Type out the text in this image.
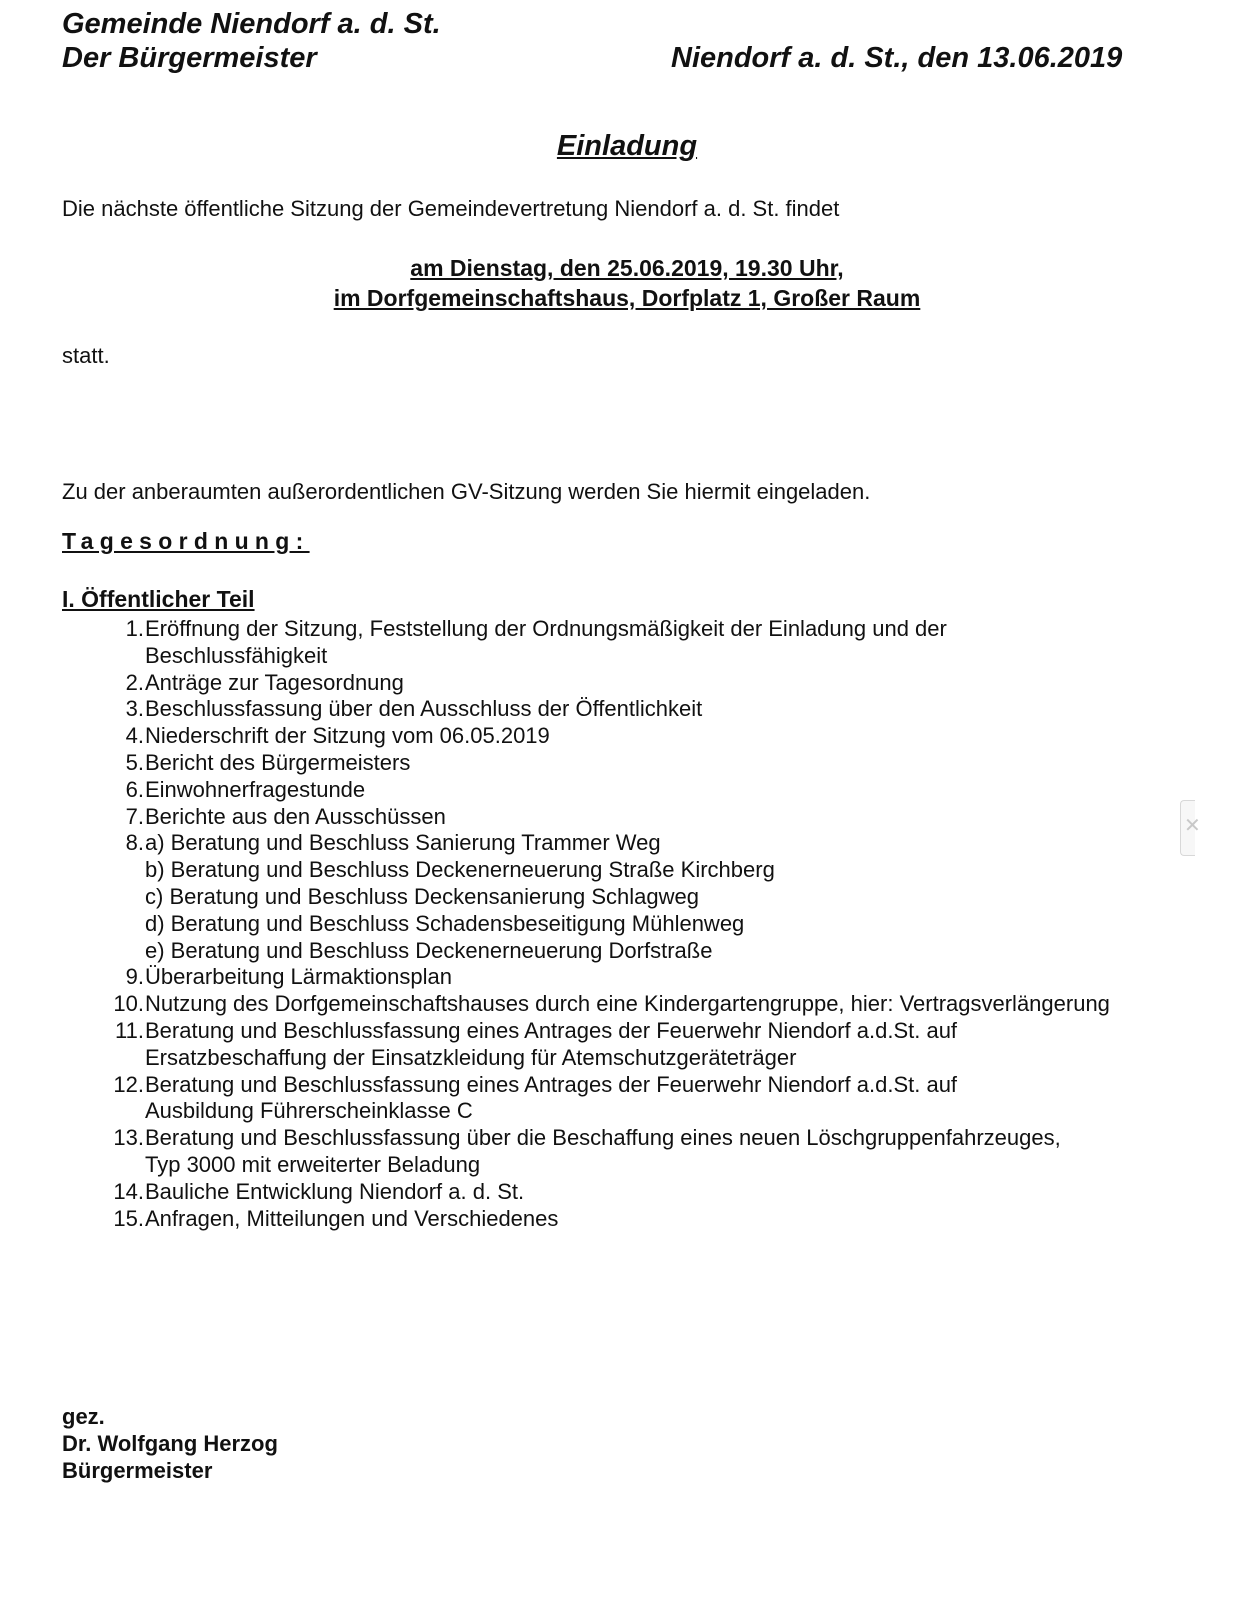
Gemeinde Niendorf a. d. St.
Der Bürgermeister	Niendorf a. d. St., den 13.06.2019
Einladung
Die nächste öffentliche Sitzung der Gemeindevertretung Niendorf a. d. St. findet
am Dienstag, den 25.06.2019, 19.30 Uhr,
im Dorfgemeinschaftshaus, Dorfplatz 1, Großer Raum
statt.
Zu der anberaumten außerordentlichen GV-Sitzung werden Sie hiermit eingeladen.
Tagesordnung:
I. Öffentlicher Teil
1. Eröffnung der Sitzung, Feststellung der Ordnungsmäßigkeit der Einladung und der
Beschlussfähigkeit
2. Anträge zur Tagesordnung
3. Beschlussfassung über den Ausschluss der Öffentlichkeit
4. Niederschrift der Sitzung vom 06.05.2019
5. Bericht des Bürgermeisters
6. Einwohnerfragestunde
7. Berichte aus den Ausschüssen
8. a) Beratung und Beschluss Sanierung Trammer Weg
b) Beratung und Beschluss Deckenerneuerung Straße Kirchberg
c) Beratung und Beschluss Deckensanierung Schlagweg
d) Beratung und Beschluss Schadensbeseitigung Mühlenweg
e) Beratung und Beschluss Deckenerneuerung Dorfstraße
9. Überarbeitung Lärmaktionsplan
10. Nutzung des Dorfgemeinschaftshauses durch eine Kindergartengruppe, hier: Vertragsverlängerung
11. Beratung und Beschlussfassung eines Antrages der Feuerwehr Niendorf a.d.St. auf
Ersatzbeschaffung der Einsatzkleidung für Atemschutzgeräteträger
12. Beratung und Beschlussfassung eines Antrages der Feuerwehr Niendorf a.d.St. auf
Ausbildung Führerscheinklasse C
13. Beratung und Beschlussfassung über die Beschaffung eines neuen Löschgruppenfahrzeuges,
Typ 3000 mit erweiterter Beladung
14. Bauliche Entwicklung Niendorf a. d. St.
15. Anfragen, Mitteilungen und Verschiedenes
gez.
Dr. Wolfgang Herzog
Bürgermeister
✕
